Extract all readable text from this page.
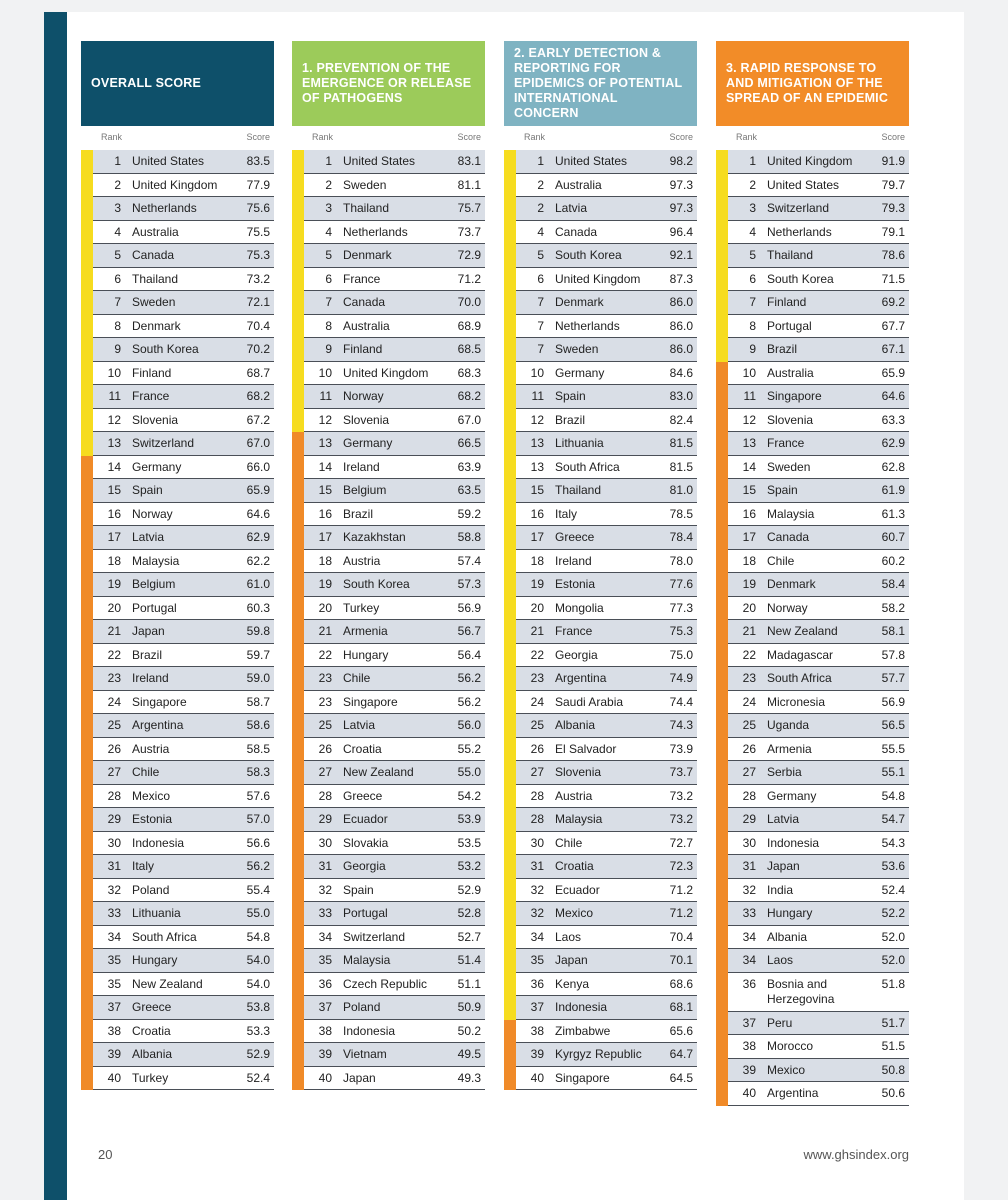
OVERALL SCORE
Rank	Score
1 United States	83.5
2 United Kingdom 77.9
3 Netherlands	75.6
4 Australia	75.5
5 Canada	75.3
6 Thailand	73.2
7 Sweden	72.1
8 Denmark	70.4
9 South Korea	70.2
10 Finland	68.7
11 France	68.2
12 Slovenia	67.2
13 Switzerland	67.0
14 Germany	66.0
15 Spain	65.9
16 Norway	64.6
17 Latvia	62.9
18 Malaysia	62.2
19 Belgium	61.0
20 Portugal	60.3
21 Japan	59.8
22 Brazil	59.7
23 Ireland	59.0
24 Singapore	58.7
25 Argentina	58.6
26 Austria	58.5
27 Chile	58.3
28 Mexico	57.6
29 Estonia	57.0
30 Indonesia	56.6
31 Italy	56.2
32 Poland	55.4
33 Lithuania	55.0
34 South Africa	54.8
35 Hungary	54.0
35 New Zealand	54.0
37 Greece	53.8
38 Croatia	53.3
39 Albania	52.9
40 Turkey	52.4
1. PREVENTION OF THE
EMERGENCE OR RELEASE
OF PATHOGENS
Rank	Score
1 United States	83.1
2 Sweden	81.1
3 Thailand	75.7
4 Netherlands	73.7
5 Denmark	72.9
6 France	71.2
7 Canada	70.0
8 Australia	68.9
9 Finland	68.5
10 United Kingdom 68.3
11 Norway	68.2
12 Slovenia	67.0
13 Germany	66.5
14 Ireland	63.9
15 Belgium	63.5
16 Brazil	59.2
17 Kazakhstan	58.8
18 Austria	57.4
19 South Korea	57.3
20 Turkey	56.9
21 Armenia	56.7
22 Hungary	56.4
23 Chile	56.2
23 Singapore	56.2
25 Latvia	56.0
26 Croatia	55.2
27 New Zealand	55.0
28 Greece	54.2
29 Ecuador	53.9
30 Slovakia	53.5
31 Georgia	53.2
32 Spain	52.9
33 Portugal	52.8
34 Switzerland	52.7
35 Malaysia	51.4
36 Czech Republic	51.1
37 Poland	50.9
38 Indonesia	50.2
39 Vietnam	49.5
40 Japan	49.3
2. EARLY DETECTION &
REPORTING FOR
EPIDEMICS OF POTENTIAL
INTERNATIONAL
CONCERN
Rank	Score
1 United States	98.2
2 Australia	97.3
2 Latvia	97.3
4 Canada	96.4
5 South Korea	92.1
6 United Kingdom 87.3
7 Denmark	86.0
7 Netherlands	86.0
7 Sweden	86.0
10 Germany	84.6
11 Spain	83.0
12 Brazil	82.4
13 Lithuania	81.5
13 South Africa	81.5
15 Thailand	81.0
16 Italy	78.5
17 Greece	78.4
18 Ireland	78.0
19 Estonia	77.6
20 Mongolia	77.3
21 France	75.3
22 Georgia	75.0
23 Argentina	74.9
24 Saudi Arabia	74.4
25 Albania	74.3
26 El Salvador	73.9
27 Slovenia	73.7
28 Austria	73.2
28 Malaysia	73.2
30 Chile	72.7
31 Croatia	72.3
32 Ecuador	71.2
32 Mexico	71.2
34 Laos	70.4
35 Japan	70.1
36 Kenya	68.6
37 Indonesia	68.1
38 Zimbabwe	65.6
39 Kyrgyz Republic 64.7
40 Singapore	64.5
3. RAPID RESPONSE TO
AND MITIGATION OF THE
SPREAD OF AN EPIDEMIC
Rank	Score
1 United Kingdom 91.9
2 United States	79.7
3 Switzerland	79.3
4 Netherlands	79.1
5 Thailand	78.6
6 South Korea	71.5
7 Finland	69.2
8 Portugal	67.7
9 Brazil	67.1
10 Australia	65.9
11 Singapore	64.6
12 Slovenia	63.3
13 France	62.9
14 Sweden	62.8
15 Spain	61.9
16 Malaysia	61.3
17 Canada	60.7
18 Chile	60.2
19 Denmark	58.4
20 Norway	58.2
21 New Zealand	58.1
22 Madagascar	57.8
23 South Africa	57.7
24 Micronesia	56.9
25 Uganda	56.5
26 Armenia	55.5
27 Serbia	55.1
28 Germany	54.8
29 Latvia	54.7
30 Indonesia	54.3
31 Japan	53.6
32 India	52.4
33 Hungary	52.2
34 Albania	52.0
34 Laos	52.0
36 Bosnia and Herzegovina
51.8
37 Peru	51.7
38 Morocco	51.5
39 Mexico	50.8
40 Argentina	50.6
20	www.ghsindex.org
